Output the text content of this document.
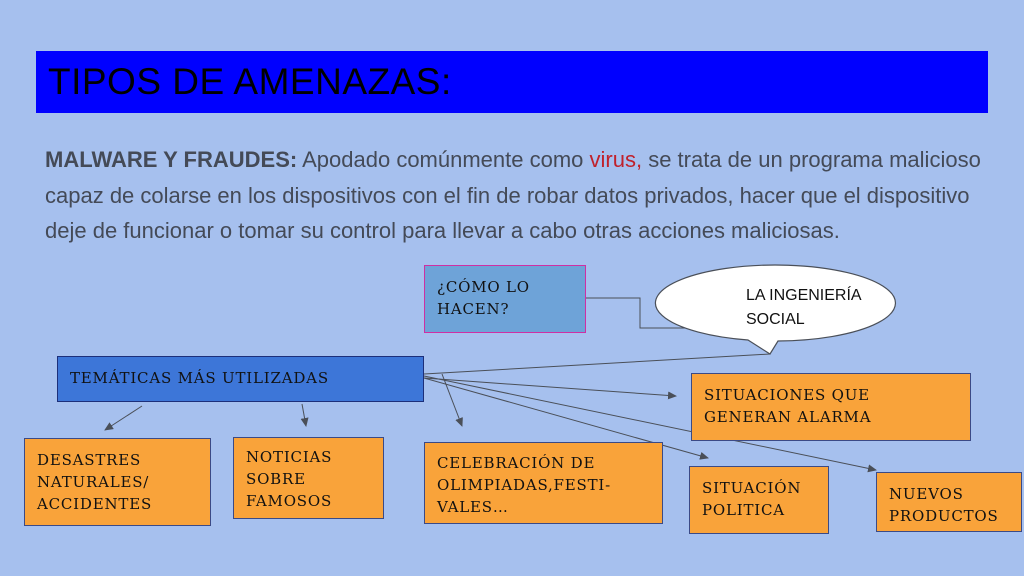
TIPOS DE AMENAZAS:
MALWARE Y FRAUDES: Apodado comúnmente como virus, se trata de un programa malicioso capaz de colarse en los dispositivos con el fin de robar datos privados, hacer que el dispositivo deje de funcionar o tomar su control para llevar a cabo otras acciones maliciosas.
LA INGENIERÍA SOCIAL
¿CÓMO LO HACEN?
TEMÁTICAS MÁS UTILIZADAS
DESASTRES NATURALES/ ACCIDENTES
NOTICIAS SOBRE FAMOSOS
CELEBRACIÓN DE OLIMPIADAS,FESTI-VALES…
SITUACIONES QUE GENERAN ALARMA
SITUACIÓN POLITICA
NUEVOS PRODUCTOS
